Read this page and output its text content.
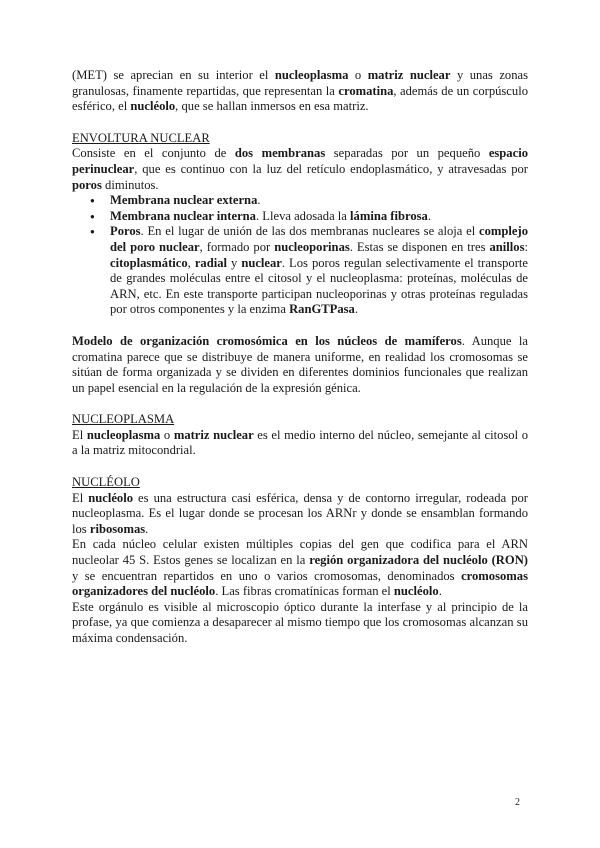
(MET) se aprecian en su interior el nucleoplasma o matriz nuclear y unas zonas granulosas, finamente repartidas, que representan la cromatina, además de un corpúsculo esférico, el nucléolo, que se hallan inmersos en esa matriz.

ENVOLTURA NUCLEAR

Consiste en el conjunto de dos membranas separadas por un pequeño espacio perinuclear, que es continuo con la luz del retículo endoplasmático, y atravesadas por poros diminutos.

● Membrana nuclear externa.
● Membrana nuclear interna. Lleva adosada la lámina fibrosa.
● Poros. En el lugar de unión de las dos membranas nucleares se aloja el complejo del poro nuclear, formado por nucleoporinas. Estas se disponen en tres anillos: citoplasmático, radial y nuclear. Los poros regulan selectivamente el transporte de grandes moléculas entre el citosol y el nucleoplasma: proteínas, moléculas de ARN, etc. En este transporte participan nucleoporinas y otras proteínas reguladas por otros componentes y la enzima RanGTPasa.

Modelo de organización cromosómica en los núcleos de mamíferos. Aunque la cromatina parece que se distribuye de manera uniforme, en realidad los cromosomas se sitúan de forma organizada y se dividen en diferentes dominios funcionales que realizan un papel esencial en la regulación de la expresión génica.

NUCLEOPLASMA

El nucleoplasma o matriz nuclear es el medio interno del núcleo, semejante al citosol o a la matriz mitocondrial.

NUCLÉOLO

El nucléolo es una estructura casi esférica, densa y de contorno irregular, rodeada por nucleoplasma. Es el lugar donde se procesan los ARNr y donde se ensamblan formando los ribosomas.

En cada núcleo celular existen múltiples copias del gen que codifica para el ARN nucleolar 45 S. Estos genes se localizan en la región organizadora del nucléolo (RON) y se encuentran repartidos en uno o varios cromosomas, denominados cromosomas organizadores del nucléolo. Las fibras cromatínicas forman el nucléolo.

Este orgánulo es visible al microscopio óptico durante la interfase y al principio de la profase, ya que comienza a desaparecer al mismo tiempo que los cromosomas alcanzan su máxima condensación.

2
